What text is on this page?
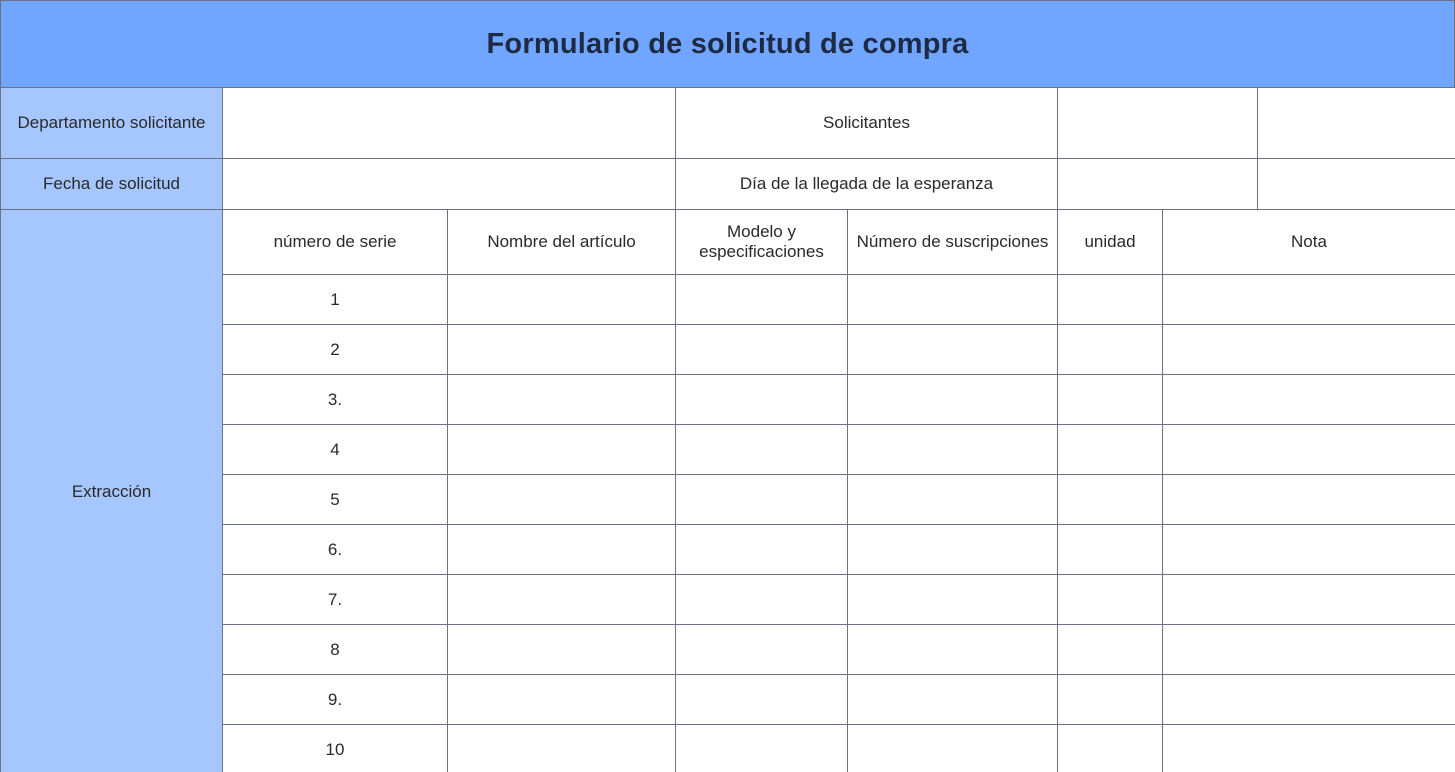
Formulario de solicitud de compra
Departamento solicitante			Solicitantes				
Fecha de solicitud			Día de la llegada de la esperanza				
Extracción	número de serie	Nombre del artículo	Modelo y especificaciones	Número de suscripciones	unidad	Nota	
	1						
	2						
	3.						
	4						
	5						
	6.						
	7.						
	8						
	9.						
	10						
